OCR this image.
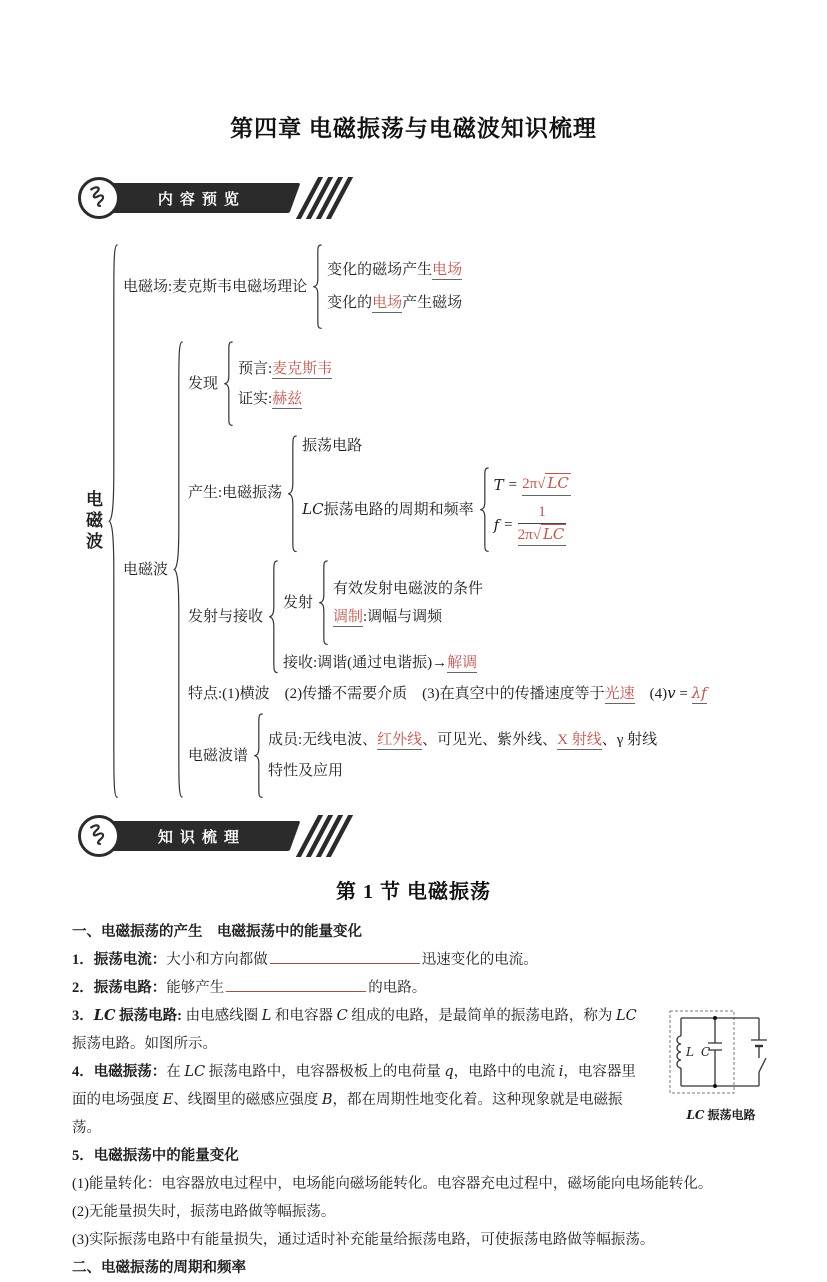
第四章 电磁振荡与电磁波知识梳理
内容预览
电磁波
电磁场:麦克斯韦电磁场理论
变化的磁场产生电场
变化的电场产生磁场
电磁波
发现
预言:麦克斯韦
证实:赫兹
产生:电磁振荡
振荡电路
LC振荡电路的周期和频率
T = 2π√ LC
$f = \frac{1}{2\pi√ LC}$
发射与接收
发射
有效发射电磁波的条件
调制:调幅与调频
接收:调谐(通过电谐振)→解调
特点:(1)横波　(2)传播不需要介质　(3)在真空中的传播速度等于光速　(4)v = λf
电磁波谱
成员:无线电波、红外线、可见光、紫外线、X 射线、γ 射线
特性及应用
知识梳理
第 1 节 电磁振荡

一、电磁振荡的产生　电磁振荡中的能量变化

1．振荡电流：大小和方向都做	迅速变化的电流。

2．振荡电路：能够产生	的电路。

L C
LC 振荡电路

3．LC 振荡电路: 由电感线圈 L 和电容器 C 组成的电路，是最简单的振荡电路，称为 LC 振荡电路。如图所示。

4．电磁振荡：在 LC 振荡电路中，电容器极板上的电荷量 q，电路中的电流 i，电容器里面的电场强度 E、线圈里的磁感应强度 B，都在周期性地变化着。这种现象就是电磁振荡。

5．电磁振荡中的能量变化

(1)能量转化：电容器放电过程中，电场能向磁场能转化。电容器充电过程中，磁场能向电场能转化。

(2)无能量损失时，振荡电路做等幅振荡。

(3)实际振荡电路中有能量损失，通过适时补充能量给振荡电路，可使振荡电路做等幅振荡。

二、电磁振荡的周期和频率
